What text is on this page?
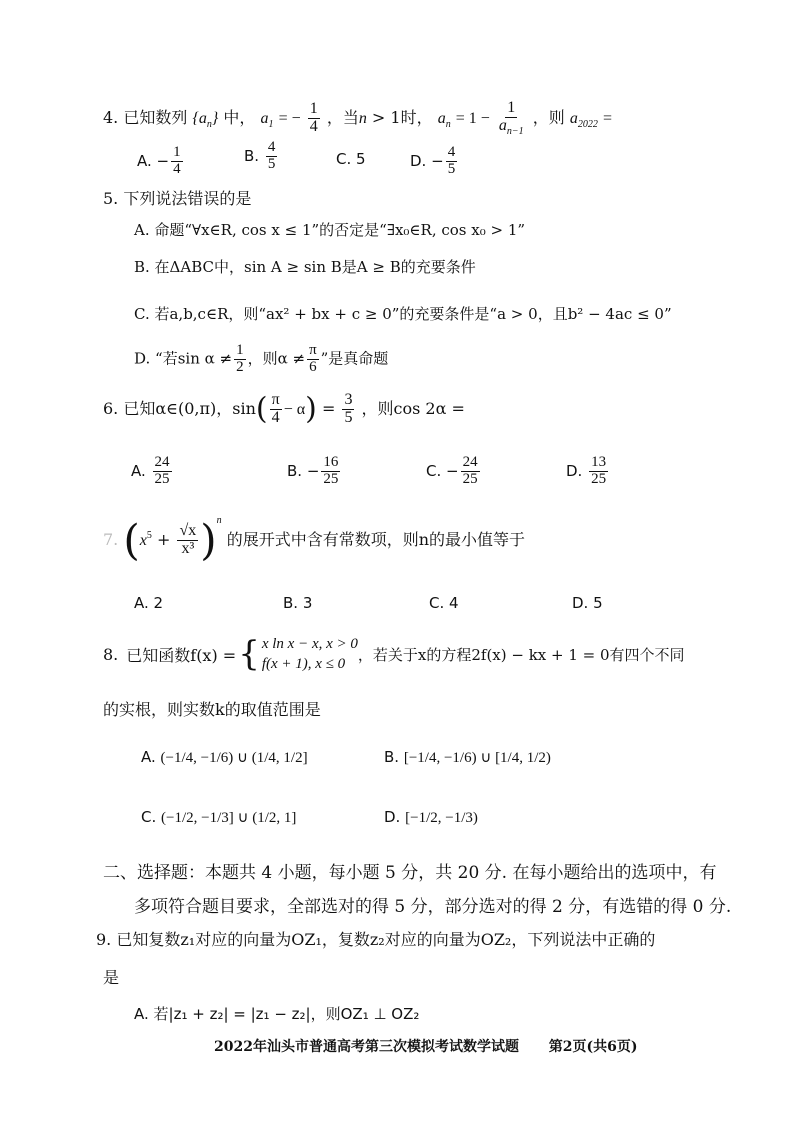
4. 已知数列 $\{a_n\}$ 中， $a_1$ = − $\frac{1}{4}$ ，当n > 1时， $a_n = 1 - \frac{1}{a_{n-1}}$ ，则 $a_{2022}$ =
A. − $\frac{1}{4}$	B. $\frac{4}{5}$	C. 5	D. − $\frac{4}{5}$
5. 下列说法错误的是
A. 命题“∀x∈R, cos x ≤ 1”的否定是“∃x₀∈R, cos x₀ > 1”
B. 在ΔABC中，sin A ≥ sin B是A ≥ B的充要条件
C. 若a,b,c∈R，则“ax² + bx + c ≥ 0”的充要条件是“a > 0，且b² − 4ac ≤ 0”
D. “若$\sin \alpha \ne \frac{1}{2}$ ，则$\alpha \ne \frac{\pi}{6}$ ”是真命题
6. 已知α∈(0,π)，$\sin( \frac{\pi}{4} - \alpha) = \frac{3}{5}$ ，则cos 2α =
A. $\frac{24}{25}$	B. − $\frac{16}{25}$	C. − $\frac{24}{25}$	D. $\frac{13}{25}$
7. $(x^5 + \frac{√x}{\text{x³}} )^n$ 的展开式中含有常数项，则n的最小值等于
A. 2	B. 3	C. 4	D. 5
8. 已知函数f(x) = { x ln x − x, x > 0
f(x + 1), x ≤ 0
，若关于x的方程2f(x) − kx + 1 = 0有四个不同
的实根，则实数k的取值范围是
A. (−1/4, −1/6) ∪ (1/4, 1/2]	B. [−1/4, −1/6) ∪ [1/4, 1/2)
C. (−1/2, −1/3] ∪ (1/2, 1]	D. [−1/2, −1/3)
二、选择题：本题共 4 小题，每小题 5 分，共 20 分. 在每小题给出的选项中，有
多项符合题目要求，全部选对的得 5 分，部分选对的得 2 分，有选错的得 0 分.
9. 已知复数z₁对应的向量为OZ₁，复数z₂对应的向量为OZ₂，下列说法中正确的
是
A. 若|z₁ + z₂| = |z₁ − z₂|，则OZ₁ ⊥ OZ₂
2022年汕头市普通高考第三次模拟考试数学试题 第2页(共6页)
